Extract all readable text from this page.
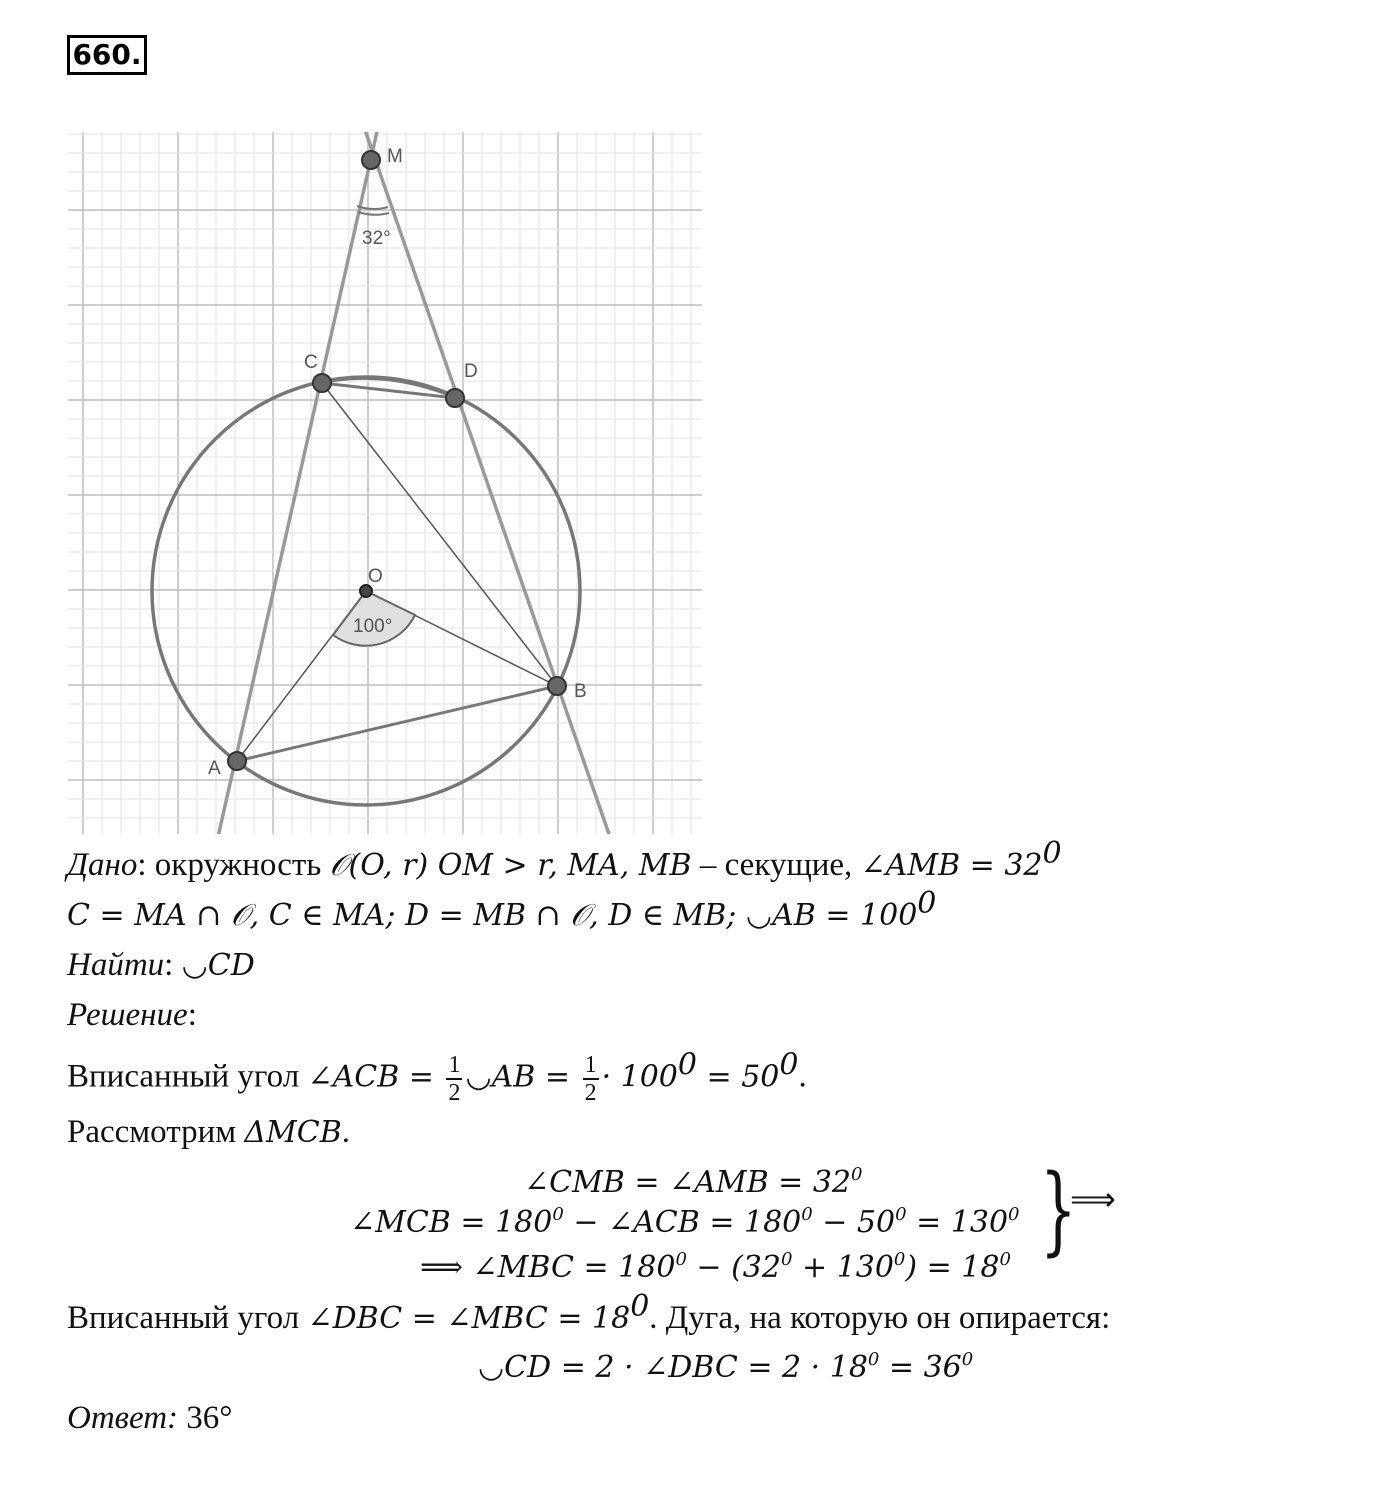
660.
100°
32°
M
C	D
O
A
B
Дано: окружность 𝒪(O, r) OM > r, MA, MB – секущие, ∠AMB = $32^0$
C = MA ∩ 𝒪, C ∈ MA; D = MB ∩ 𝒪, D ∈ MB; ◡AB = $100^0$
Найти: ◡CD
Решение:
Вписанный угол ∠ACB = $\frac{1}{2}$ ◡AB = $\frac{1}{2} \cdot 100^0 = 50^0$.
Рассмотрим ΔMCB.
∠CMB = ∠AMB = $32^0$
∠MCB = $180^0$ − ∠ACB = $180^0 - 50^0 = 130^0$ }
⟹
⟹ ∠MBC = $180^0 - (32^0 + 130^0) = 18^0$
Вписанный угол ∠DBC = ∠MBC = $18^0$. Дуга, на которую он опирается:
◡CD = 2 · ∠DBC = $2 \cdot 18^0 = 36^0$
Ответ: 36°
